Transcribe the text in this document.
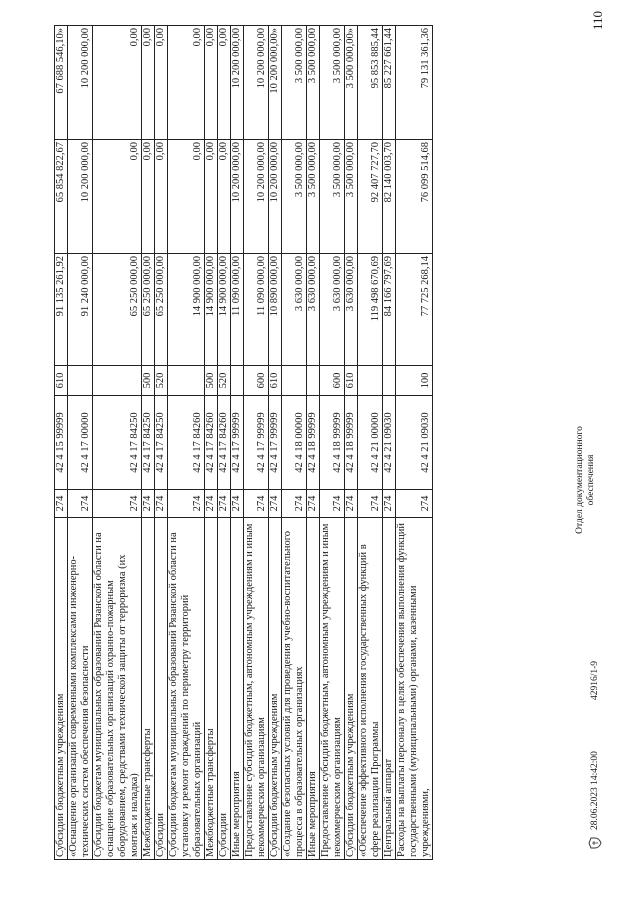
110
Субсидии бюджетным учреждениям	274	42 4 15 99999	610	91 135 261,92	65 854 822,67	67 688 546,10»
«Оснащение организаций современными комплексами инженерно-технических систем обеспечения безопасности	274	42 4 17 00000		91 240 000,00	10 200 000,00	10 200 000,00
Субсидии бюджетам муниципальных образований Рязанской области на оснащение образовательных организаций охранно-пожарным оборудованием, средствами технической защиты от терроризма (их монтаж и наладка)	274	42 4 17 84250		65 250 000,00	0,00	0,00
Межбюджетные трансферты	274	42 4 17 84250	500	65 250 000,00	0,00	0,00
Субсидии	274	42 4 17 84250	520	65 250 000,00	0,00	0,00
Субсидии бюджетам муниципальных образований Рязанской области на установку и ремонт ограждений по периметру территорий образовательных организаций	274	42 4 17 84260		14 900 000,00	0,00	0,00
Межбюджетные трансферты	274	42 4 17 84260	500	14 900 000,00	0,00	0,00
Субсидии	274	42 4 17 84260	520	14 900 000,00	0,00	0,00
Иные мероприятия	274	42 4 17 99999		11 090 000,00	10 200 000,00	10 200 000,00
Предоставление субсидий бюджетным, автономным учреждениям и иным некоммерческим организациям	274	42 4 17 99999	600	11 090 000,00	10 200 000,00	10 200 000,00
Субсидии бюджетным учреждениям	274	42 4 17 99999	610	10 890 000,00	10 200 000,00	10 200 000,00»
«Создание безопасных условий для проведения учебно-воспитательного процесса в образовательных организациях	274	42 4 18 00000		3 630 000,00	3 500 000,00	3 500 000,00
Иные мероприятия	274	42 4 18 99999		3 630 000,00	3 500 000,00	3 500 000,00
Предоставление субсидий бюджетным, автономным учреждениям и иным некоммерческим организациям	274	42 4 18 99999	600	3 630 000,00	3 500 000,00	3 500 000,00
Субсидии бюджетным учреждениям	274	42 4 18 99999	610	3 630 000,00	3 500 000,00	3 500 000,00»
«Обеспечение эффективного исполнения государственных функций в сфере реализации Программы	274	42 4 21 00000		119 498 670,69	92 407 727,70	95 853 885,44
Центральный аппарат	274	42 4 21 09030		84 166 797,69	82 140 003,70	85 227 661,44
Расходы на выплаты персоналу в целях обеспечения выполнения функций государственными (муниципальными) органами, казенными учреждениями,	274	42 4 21 09030	100	77 725 268,14	76 099 514,68	79 131 361,36
Отдел документационного обеспечения
28.06.2023 14:42:00
42916/1-9
